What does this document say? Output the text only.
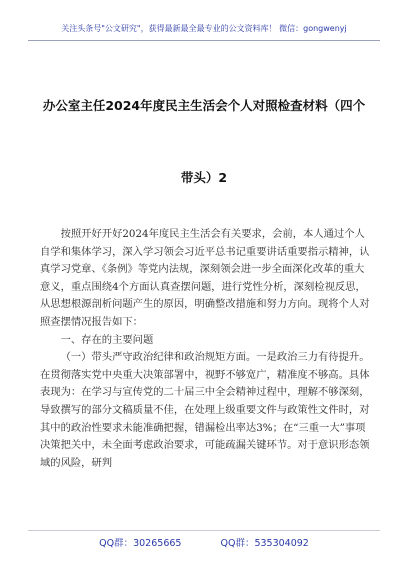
关注头条号"公文研究"，获得最新最全最专业的公文资料库！ 微信：gongwenyj
办公室主任2024年度民主生活会个人对照检查材料（四个
带头）2

按照开好开好2024年度民主生活会有关要求，会前，本人通过个人自学和集体学习，深入学习领会习近平总书记重要讲话重要指示精神，认真学习党章、《条例》等党内法规，深刻领会进一步全面深化改革的重大意义，重点围绕4个方面认真查摆问题，进行党性分析，深刻检视反思，从思想根源剖析问题产生的原因，明确整改措施和努力方向。现将个人对照查摆情况报告如下：

一、存在的主要问题

（一）带头严守政治纪律和政治规矩方面。一是政治三力有待提升。在贯彻落实党中央重大决策部署中，视野不够宽广，精准度不够高。具体表现为：在学习与宣传党的二十届三中全会精神过程中，理解不够深刻，导致撰写的部分文稿质量不佳，在处理上级重要文件与政策性文件时，对其中的政治性要求未能准确把握，错漏检出率达3%；在“三重一大”事项决策把关中，未全面考虑政治要求，可能疏漏关键环节。对于意识形态领域的风险，研判

QQ群：30265665	QQ群：535304092
